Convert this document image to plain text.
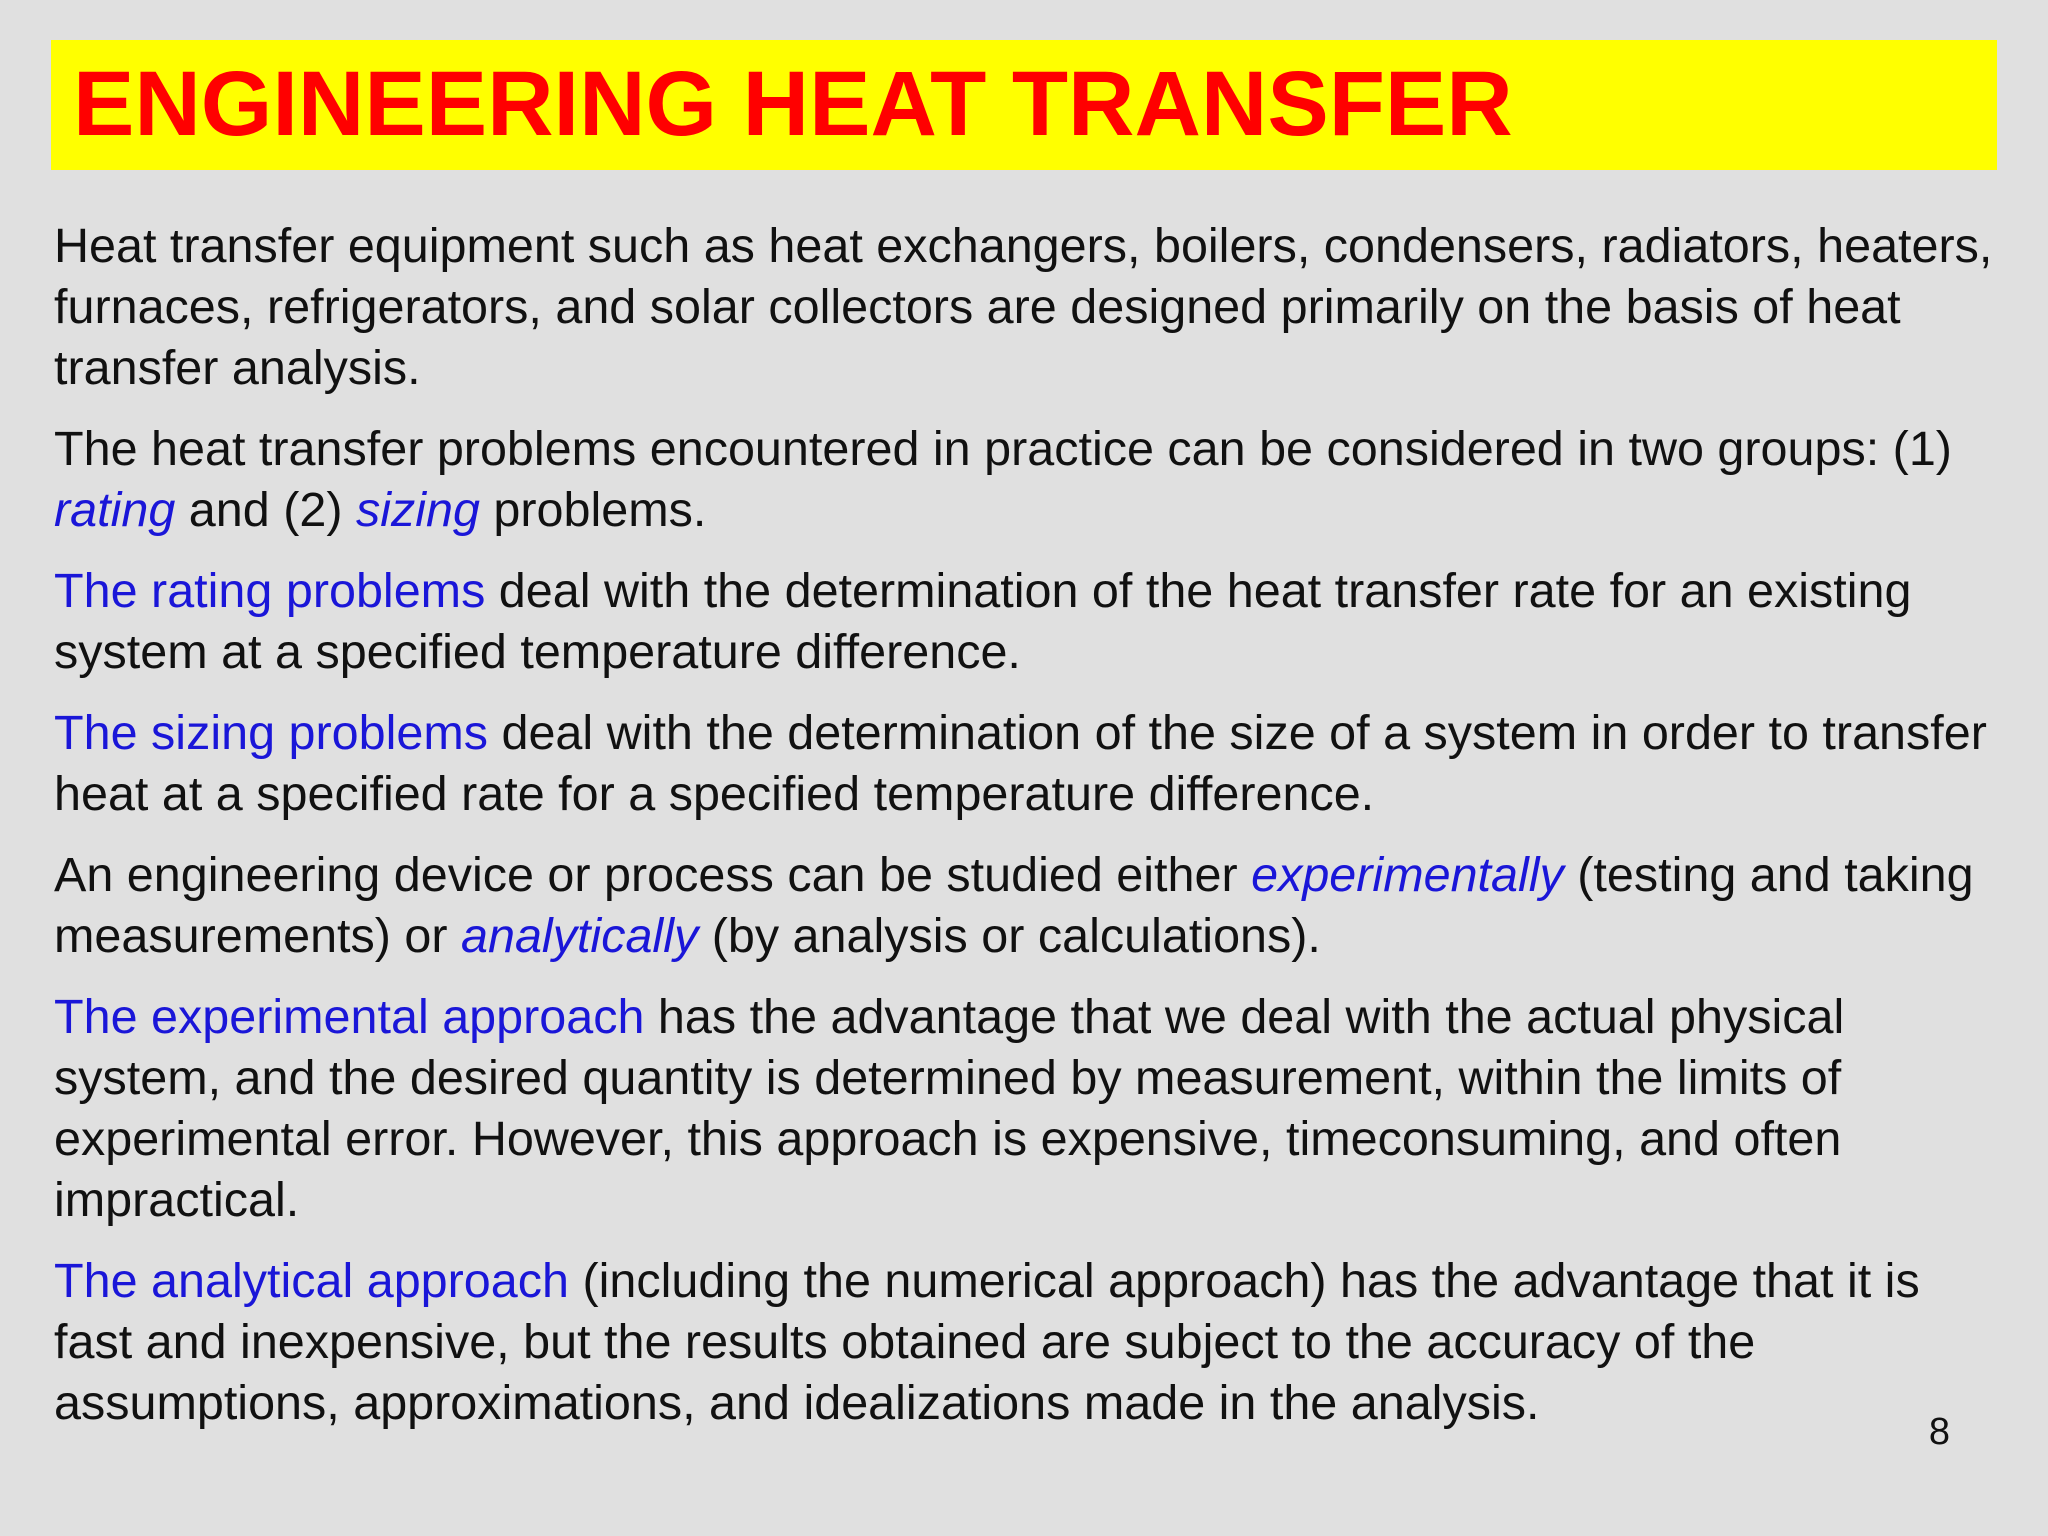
ENGINEERING HEAT TRANSFER

Heat transfer equipment such as heat exchangers, boilers, condensers, radiators, heaters, furnaces, refrigerators, and solar collectors are designed primarily on the basis of heat transfer analysis.

The heat transfer problems encountered in practice can be considered in two groups: (1) rating and (2) sizing problems.

The rating problems deal with the determination of the heat transfer rate for an existing system at a specified temperature difference.

The sizing problems deal with the determination of the size of a system in order to transfer heat at a specified rate for a specified temperature difference.

An engineering device or process can be studied either experimentally (testing and taking measurements) or analytically (by analysis or calculations).

The experimental approach has the advantage that we deal with the actual physical system, and the desired quantity is determined by measurement, within the limits of experimental error. However, this approach is expensive, timeconsuming, and often impractical.

The analytical approach (including the numerical approach) has the advantage that it is fast and inexpensive, but the results obtained are subject to the accuracy of the assumptions, approximations, and idealizations made in the analysis.

8
